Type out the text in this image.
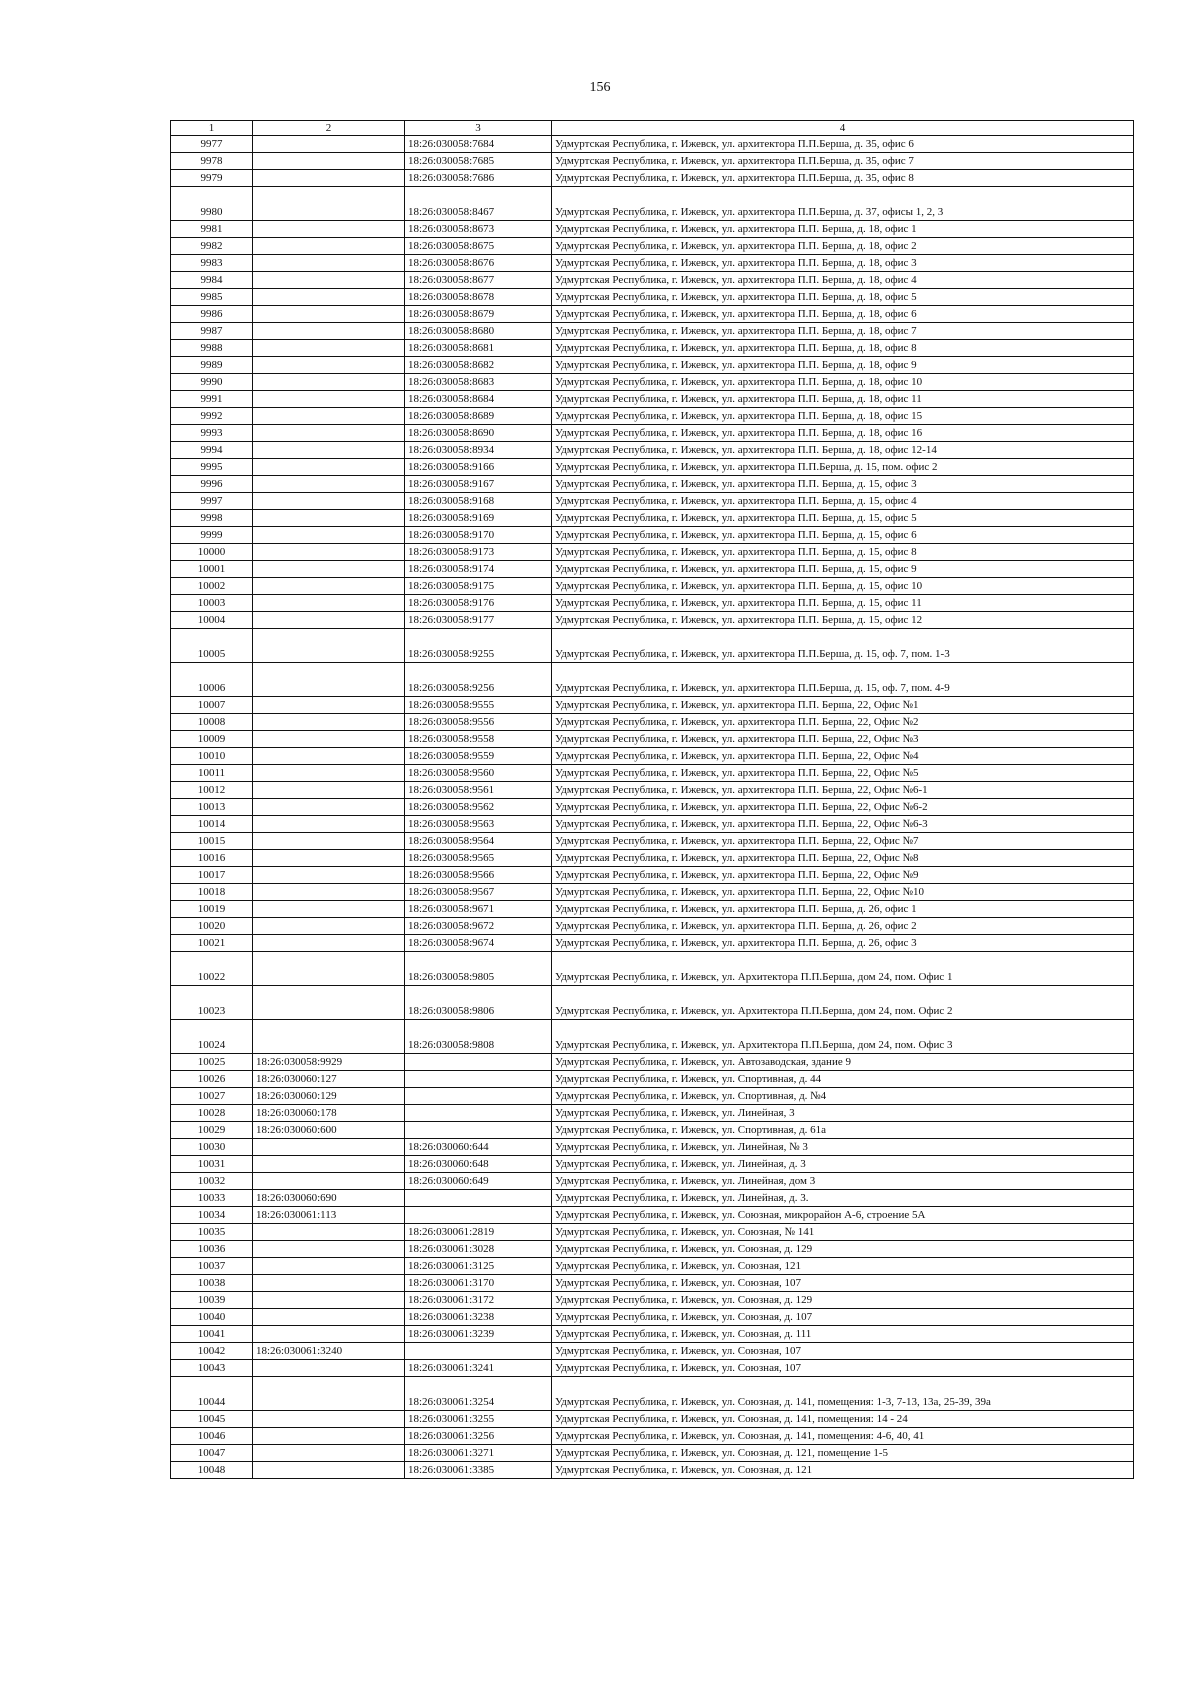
156
1	2	3	4
9977		18:26:030058:7684	Удмуртская Республика, г. Ижевск, ул. архитектора П.П.Берша, д. 35, офис 6
9978		18:26:030058:7685	Удмуртская Республика, г. Ижевск, ул. архитектора П.П.Берша, д. 35, офис 7
9979		18:26:030058:7686	Удмуртская Республика, г. Ижевск, ул. архитектора П.П.Берша, д. 35, офис 8
9980		18:26:030058:8467	Удмуртская Республика, г. Ижевск, ул. архитектора П.П.Берша, д. 37, офисы 1, 2, 3
9981		18:26:030058:8673	Удмуртская Республика, г. Ижевск, ул. архитектора П.П. Берша, д. 18, офис 1
9982		18:26:030058:8675	Удмуртская Республика, г. Ижевск, ул. архитектора П.П. Берша, д. 18, офис 2
9983		18:26:030058:8676	Удмуртская Республика, г. Ижевск, ул. архитектора П.П. Берша, д. 18, офис 3
9984		18:26:030058:8677	Удмуртская Республика, г. Ижевск, ул. архитектора П.П. Берша, д. 18, офис 4
9985		18:26:030058:8678	Удмуртская Республика, г. Ижевск, ул. архитектора П.П. Берша, д. 18, офис 5
9986		18:26:030058:8679	Удмуртская Республика, г. Ижевск, ул. архитектора П.П. Берша, д. 18, офис 6
9987		18:26:030058:8680	Удмуртская Республика, г. Ижевск, ул. архитектора П.П. Берша, д. 18, офис 7
9988		18:26:030058:8681	Удмуртская Республика, г. Ижевск, ул. архитектора П.П. Берша, д. 18, офис 8
9989		18:26:030058:8682	Удмуртская Республика, г. Ижевск, ул. архитектора П.П. Берша, д. 18, офис 9
9990		18:26:030058:8683	Удмуртская Республика, г. Ижевск, ул. архитектора П.П. Берша, д. 18, офис 10
9991		18:26:030058:8684	Удмуртская Республика, г. Ижевск, ул. архитектора П.П. Берша, д. 18, офис 11
9992		18:26:030058:8689	Удмуртская Республика, г. Ижевск, ул. архитектора П.П. Берша, д. 18, офис 15
9993		18:26:030058:8690	Удмуртская Республика, г. Ижевск, ул. архитектора П.П. Берша, д. 18, офис 16
9994		18:26:030058:8934	Удмуртская Республика, г. Ижевск, ул. архитектора П.П. Берша, д. 18, офис 12-14
9995		18:26:030058:9166	Удмуртская Республика, г. Ижевск, ул. архитектора П.П.Берша, д. 15, пом. офис 2
9996		18:26:030058:9167	Удмуртская Республика, г. Ижевск, ул. архитектора П.П. Берша, д. 15, офис 3
9997		18:26:030058:9168	Удмуртская Республика, г. Ижевск, ул. архитектора П.П. Берша, д. 15, офис 4
9998		18:26:030058:9169	Удмуртская Республика, г. Ижевск, ул. архитектора П.П. Берша, д. 15, офис 5
9999		18:26:030058:9170	Удмуртская Республика, г. Ижевск, ул. архитектора П.П. Берша, д. 15, офис 6
10000		18:26:030058:9173	Удмуртская Республика, г. Ижевск, ул. архитектора П.П. Берша, д. 15, офис 8
10001		18:26:030058:9174	Удмуртская Республика, г. Ижевск, ул. архитектора П.П. Берша, д. 15, офис 9
10002		18:26:030058:9175	Удмуртская Республика, г. Ижевск, ул. архитектора П.П. Берша, д. 15, офис 10
10003		18:26:030058:9176	Удмуртская Республика, г. Ижевск, ул. архитектора П.П. Берша, д. 15, офис 11
10004		18:26:030058:9177	Удмуртская Республика, г. Ижевск, ул. архитектора П.П. Берша, д. 15, офис 12
10005		18:26:030058:9255	Удмуртская Республика, г. Ижевск, ул. архитектора П.П.Берша, д. 15, оф. 7, пом. 1-3
10006		18:26:030058:9256	Удмуртская Республика, г. Ижевск, ул. архитектора П.П.Берша, д. 15, оф. 7, пом. 4-9
10007		18:26:030058:9555	Удмуртская Республика, г. Ижевск, ул. архитектора П.П. Берша, 22, Офис №1
10008		18:26:030058:9556	Удмуртская Республика, г. Ижевск, ул. архитектора П.П. Берша, 22, Офис №2
10009		18:26:030058:9558	Удмуртская Республика, г. Ижевск, ул. архитектора П.П. Берша, 22, Офис №3
10010		18:26:030058:9559	Удмуртская Республика, г. Ижевск, ул. архитектора П.П. Берша, 22, Офис №4
10011		18:26:030058:9560	Удмуртская Республика, г. Ижевск, ул. архитектора П.П. Берша, 22, Офис №5
10012		18:26:030058:9561	Удмуртская Республика, г. Ижевск, ул. архитектора П.П. Берша, 22, Офис №6-1
10013		18:26:030058:9562	Удмуртская Республика, г. Ижевск, ул. архитектора П.П. Берша, 22, Офис №6-2
10014		18:26:030058:9563	Удмуртская Республика, г. Ижевск, ул. архитектора П.П. Берша, 22, Офис №6-3
10015		18:26:030058:9564	Удмуртская Республика, г. Ижевск, ул. архитектора П.П. Берша, 22, Офис №7
10016		18:26:030058:9565	Удмуртская Республика, г. Ижевск, ул. архитектора П.П. Берша, 22, Офис №8
10017		18:26:030058:9566	Удмуртская Республика, г. Ижевск, ул. архитектора П.П. Берша, 22, Офис №9
10018		18:26:030058:9567	Удмуртская Республика, г. Ижевск, ул. архитектора П.П. Берша, 22, Офис №10
10019		18:26:030058:9671	Удмуртская Республика, г. Ижевск, ул. архитектора П.П. Берша, д. 26, офис 1
10020		18:26:030058:9672	Удмуртская Республика, г. Ижевск, ул. архитектора П.П. Берша, д. 26, офис 2
10021		18:26:030058:9674	Удмуртская Республика, г. Ижевск, ул. архитектора П.П. Берша, д. 26, офис 3
10022		18:26:030058:9805	Удмуртская Республика, г. Ижевск, ул. Архитектора П.П.Берша, дом 24, пом. Офис 1
10023		18:26:030058:9806	Удмуртская Республика, г. Ижевск, ул. Архитектора П.П.Берша, дом 24, пом. Офис 2
10024		18:26:030058:9808	Удмуртская Республика, г. Ижевск, ул. Архитектора П.П.Берша, дом 24, пом. Офис 3
10025	18:26:030058:9929		Удмуртская Республика, г. Ижевск, ул. Автозаводская, здание 9
10026	18:26:030060:127		Удмуртская Республика, г. Ижевск, ул. Спортивная, д. 44
10027	18:26:030060:129		Удмуртская Республика, г. Ижевск, ул. Спортивная, д. №4
10028	18:26:030060:178		Удмуртская Республика, г. Ижевск, ул. Линейная, 3
10029	18:26:030060:600		Удмуртская Республика, г. Ижевск, ул. Спортивная, д. 61а
10030		18:26:030060:644	Удмуртская Республика, г. Ижевск, ул. Линейная, № 3
10031		18:26:030060:648	Удмуртская Республика, г. Ижевск, ул. Линейная, д. 3
10032		18:26:030060:649	Удмуртская Республика, г. Ижевск, ул. Линейная, дом 3
10033	18:26:030060:690		Удмуртская Республика, г. Ижевск, ул. Линейная, д. 3.
10034	18:26:030061:113		Удмуртская Республика, г. Ижевск, ул. Союзная, микрорайон А-6, строение 5А
10035		18:26:030061:2819	Удмуртская Республика, г. Ижевск, ул. Союзная, № 141
10036		18:26:030061:3028	Удмуртская Республика, г. Ижевск, ул. Союзная, д. 129
10037		18:26:030061:3125	Удмуртская Республика, г. Ижевск, ул. Союзная, 121
10038		18:26:030061:3170	Удмуртская Республика, г. Ижевск, ул. Союзная, 107
10039		18:26:030061:3172	Удмуртская Республика, г. Ижевск, ул. Союзная, д. 129
10040		18:26:030061:3238	Удмуртская Республика, г. Ижевск, ул. Союзная, д. 107
10041		18:26:030061:3239	Удмуртская Республика, г. Ижевск, ул. Союзная, д. 111
10042	18:26:030061:3240		Удмуртская Республика, г. Ижевск, ул. Союзная, 107
10043		18:26:030061:3241	Удмуртская Республика, г. Ижевск, ул. Союзная, 107
10044		18:26:030061:3254	Удмуртская Республика, г. Ижевск, ул. Союзная, д. 141, помещения: 1-3, 7-13, 13а, 25-39, 39а
10045		18:26:030061:3255	Удмуртская Республика, г. Ижевск, ул. Союзная, д. 141, помещения: 14 - 24
10046		18:26:030061:3256	Удмуртская Республика, г. Ижевск, ул. Союзная, д. 141, помещения: 4-6, 40, 41
10047		18:26:030061:3271	Удмуртская Республика, г. Ижевск, ул. Союзная, д. 121, помещение 1-5
10048		18:26:030061:3385	Удмуртская Республика, г. Ижевск, ул. Союзная, д. 121
